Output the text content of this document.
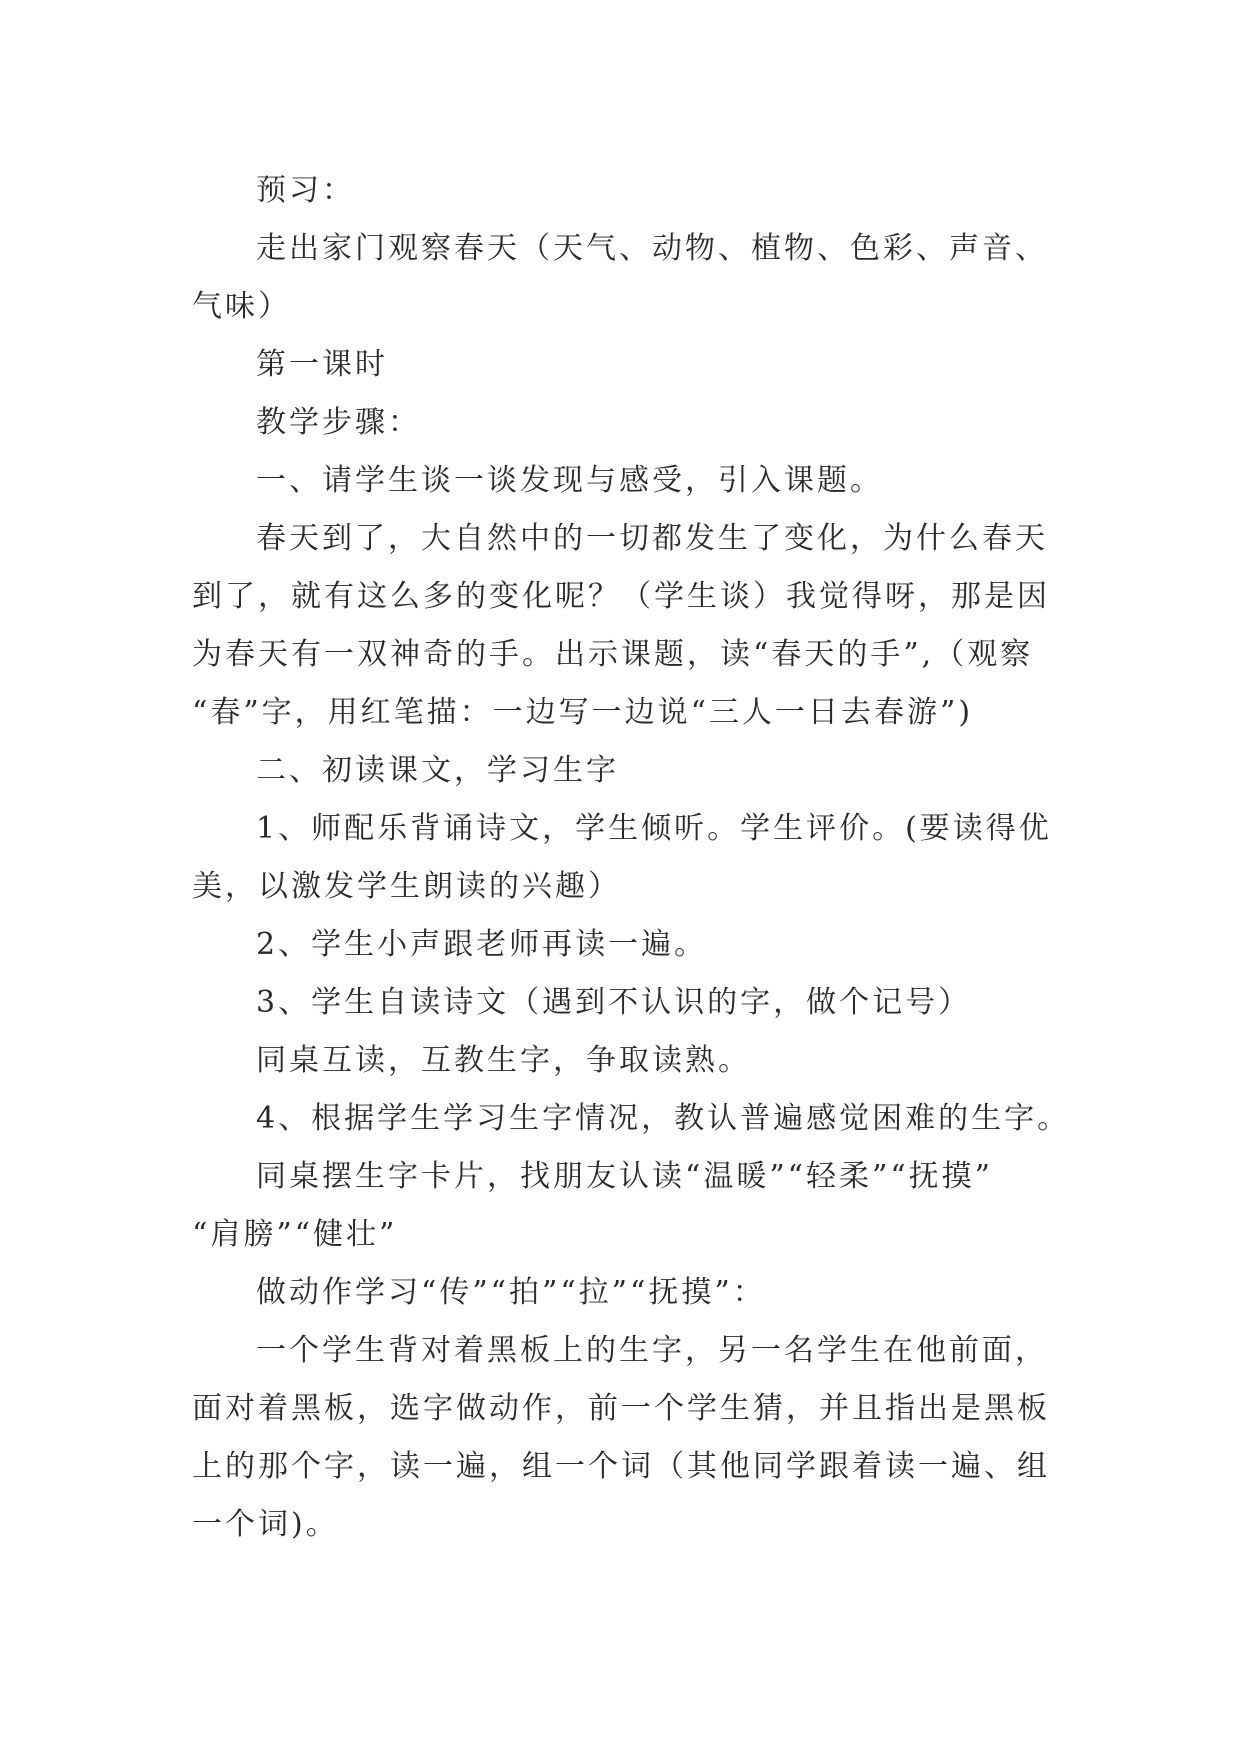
预习：
走出家门观察春天（天气、动物、植物、色彩、声音、
气味）
第一课时
教学步骤：
一、请学生谈一谈发现与感受，引入课题。
春天到了，大自然中的一切都发生了变化，为什么春天
到了，就有这么多的变化呢？（学生谈）我觉得呀，那是因
为春天有一双神奇的手。出示课题，读“春天的手”,（观察
“春”字，用红笔描：一边写一边说“三人一日去春游”)
二、初读课文，学习生字
1、师配乐背诵诗文，学生倾听。学生评价。(要读得优
美，以激发学生朗读的兴趣）
2、学生小声跟老师再读一遍。
3、学生自读诗文（遇到不认识的字，做个记号）
同桌互读，互教生字，争取读熟。
4、根据学生学习生字情况，教认普遍感觉困难的生字。
同桌摆生字卡片，找朋友认读“温暖”“轻柔”“抚摸”
“肩膀”“健壮”
做动作学习“传”“拍”“拉”“抚摸”：
一个学生背对着黑板上的生字，另一名学生在他前面，
面对着黑板，选字做动作，前一个学生猜，并且指出是黑板
上的那个字，读一遍，组一个词（其他同学跟着读一遍、组
一个词)。
